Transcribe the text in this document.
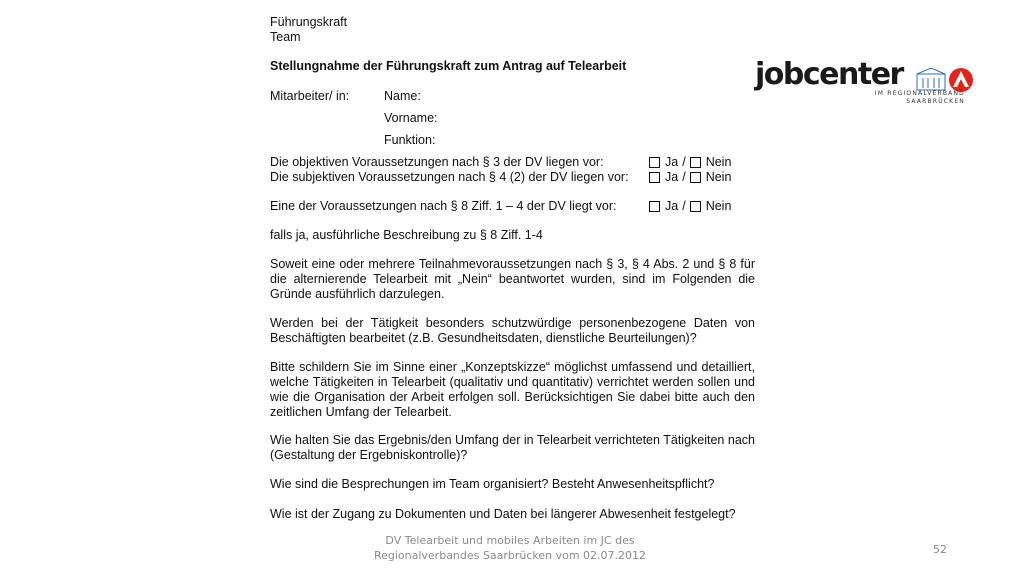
Führungskraft
Team
Stellungnahme der Führungskraft zum Antrag auf Telearbeit
Mitarbeiter/ in:	Name:
Vorname:
Funktion:
Die objektiven Voraussetzungen nach § 3 der DV liegen vor:	Ja / Nein
Die subjektiven Voraussetzungen nach § 4 (2) der DV liegen vor:	Ja / Nein
Eine der Voraussetzungen nach § 8 Ziff. 1 – 4 der DV liegt vor:	Ja / Nein
falls ja, ausführliche Beschreibung zu § 8 Ziff. 1-4
Soweit eine oder mehrere Teilnahmevoraussetzungen nach § 3, § 4 Abs. 2 und § 8 für die alternierende Telearbeit mit „Nein“ beantwortet wurden, sind im Folgenden die Gründe ausführlich darzulegen.
Werden bei der Tätigkeit besonders schutzwürdige personenbezogene Daten von Beschäftigten bearbeitet (z.B. Gesundheitsdaten, dienstliche Beurteilungen)?
Bitte schildern Sie im Sinne einer „Konzeptskizze“ möglichst umfassend und detailliert, welche Tätigkeiten in Telearbeit (qualitativ und quantitativ) verrichtet werden sollen und wie die Organisation der Arbeit erfolgen soll. Berücksichtigen Sie dabei bitte auch den zeitlichen Umfang der Telearbeit.
Wie halten Sie das Ergebnis/den Umfang der in Telearbeit verrichteten Tätigkeiten nach (Gestaltung der Ergebniskontrolle)?
Wie sind die Besprechungen im Team organisiert? Besteht Anwesenheitspflicht?
Wie ist der Zugang zu Dokumenten und Daten bei längerer Abwesenheit festgelegt?
jobcenter
IM REGIONALVERBAND
SAARBRÜCKEN
DV Telearbeit und mobiles Arbeiten im JC des
Regionalverbandes Saarbrücken vom 02.07.2012	52
